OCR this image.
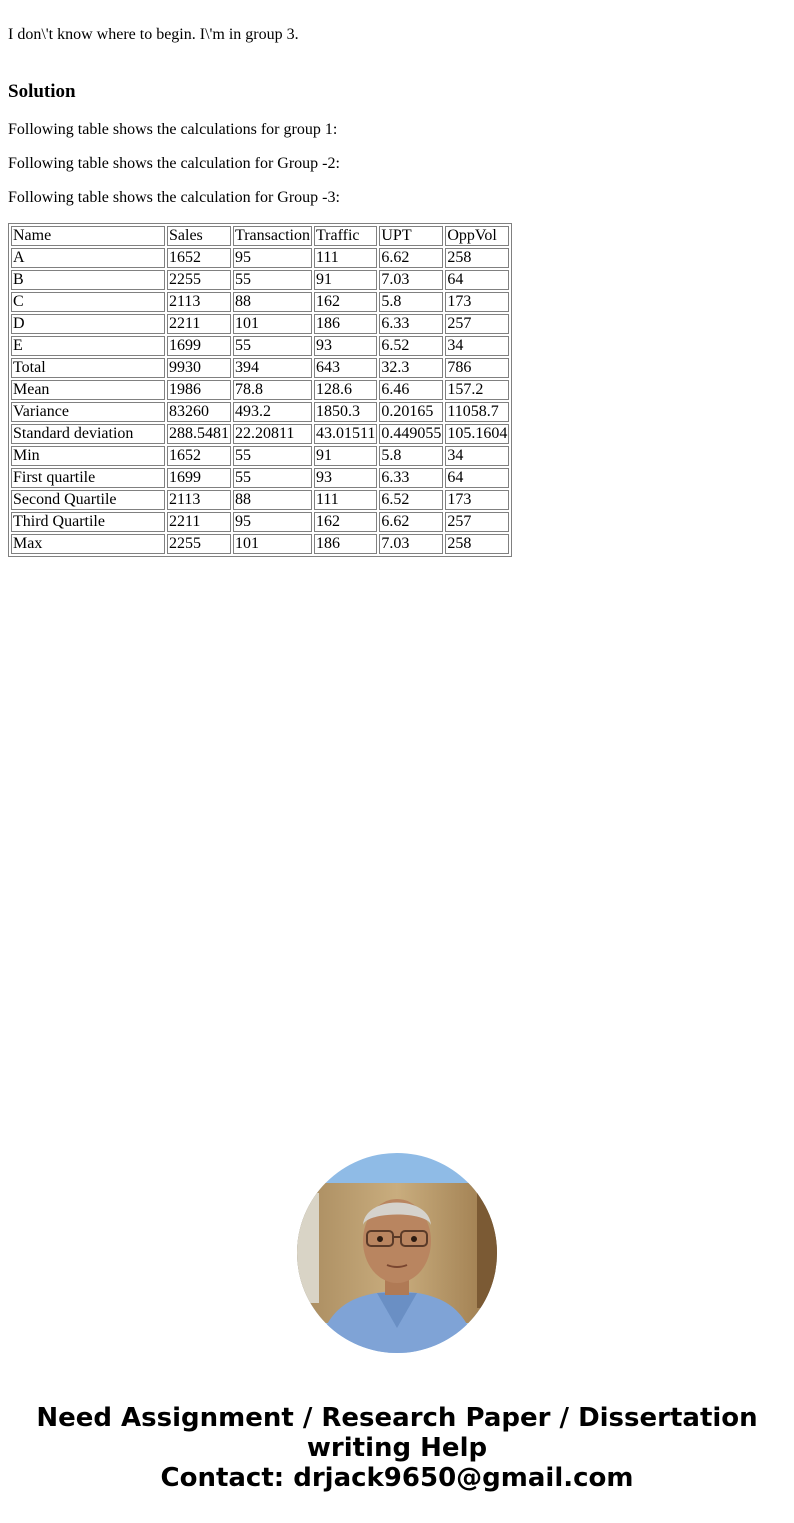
I don\'t know where to begin. I\'m in group 3.

Solution

Following table shows the calculations for group 1:

Following table shows the calculation for Group -2:

Following table shows the calculation for Group -3:

Name	Sales	Transaction	Traffic	UPT	OppVol
A	1652	95	111	6.62	258
B	2255	55	91	7.03	64
C	2113	88	162	5.8	173
D	2211	101	186	6.33	257
E	1699	55	93	6.52	34
Total	9930	394	643	32.3	786
Mean	1986	78.8	128.6	6.46	157.2
Variance	83260	493.2	1850.3	0.20165	11058.7
Standard deviation	288.5481	22.20811	43.01511	0.449055	105.1604
Min	1652	55	91	5.8	34
First quartile	1699	55	93	6.33	64
Second Quartile	2113	88	111	6.52	173
Third Quartile	2211	95	162	6.62	257
Max	2255	101	186	7.03	258
Need Assignment / Research Paper / Dissertation
writing Help
Contact: drjack9650@gmail.com
